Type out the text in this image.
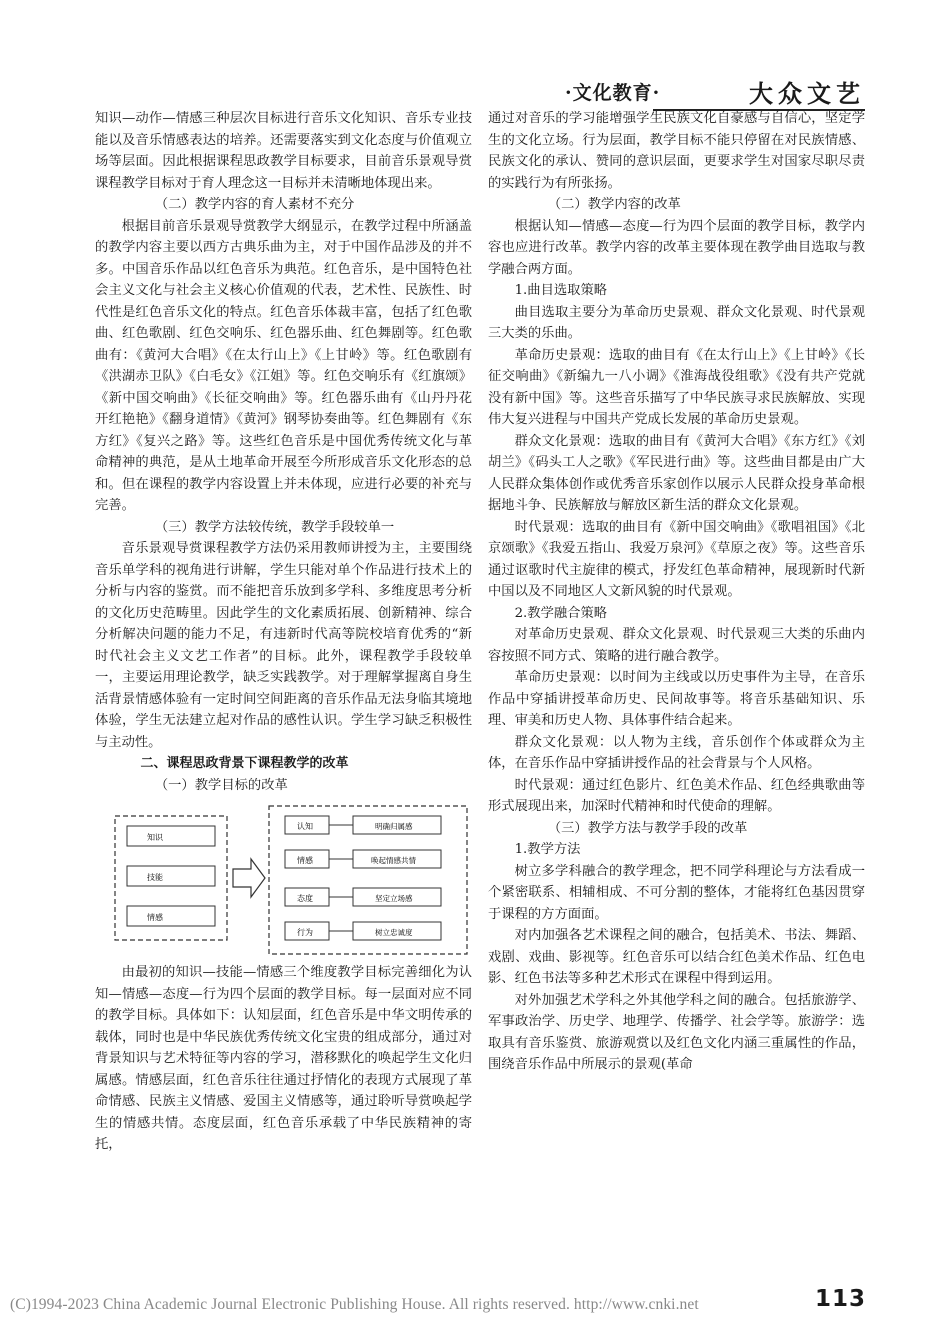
·文化教育·	大众文艺

知识—动作—情感三种层次目标进行音乐文化知识、音乐专业技能以及音乐情感表达的培养。还需要落实到文化态度与价值观立场等层面。因此根据课程思政教学目标要求，目前音乐景观导赏课程教学目标对于育人理念这一目标并未清晰地体现出来。

（二）教学内容的育人素材不充分

根据目前音乐景观导赏教学大纲显示，在教学过程中所涵盖的教学内容主要以西方古典乐曲为主，对于中国作品涉及的并不多。中国音乐作品以红色音乐为典范。红色音乐，是中国特色社会主义文化与社会主义核心价值观的代表，艺术性、民族性、时代性是红色音乐文化的特点。红色音乐体裁丰富，包括了红色歌曲、红色歌剧、红色交响乐、红色器乐曲、红色舞剧等。红色歌曲有：《黄河大合唱》《在太行山上》《上甘岭》等。红色歌剧有《洪湖赤卫队》《白毛女》《江姐》等。红色交响乐有《红旗颂》《新中国交响曲》《长征交响曲》等。红色器乐曲有《山丹丹花开红艳艳》《翻身道情》《黄河》钢琴协奏曲等。红色舞剧有《东方红》《复兴之路》等。这些红色音乐是中国优秀传统文化与革命精神的典范，是从土地革命开展至今所形成音乐文化形态的总和。但在课程的教学内容设置上并未体现，应进行必要的补充与完善。

（三）教学方法较传统，教学手段较单一

音乐景观导赏课程教学方法仍采用教师讲授为主，主要围绕音乐单学科的视角进行讲解，学生只能对单个作品进行技术上的分析与内容的鉴赏。而不能把音乐放到多学科、多维度思考分析的文化历史范畴里。因此学生的文化素质拓展、创新精神、综合分析解决问题的能力不足，有违新时代高等院校培育优秀的“新时代社会主义文艺工作者”的目标。此外，课程教学手段较单一，主要运用理论教学，缺乏实践教学。对于理解掌握离自身生活背景情感体验有一定时间空间距离的音乐作品无法身临其境地体验，学生无法建立起对作品的感性认识。学生学习缺乏积极性与主动性。

二、课程思政背景下课程教学的改革

（一）教学目标的改革

知识
技能
情感
认知	明确归属感
情感	唤起情感共情
态度	坚定立场感
行为	树立忠诚度

由最初的知识—技能—情感三个维度教学目标完善细化为认知—情感—态度—行为四个层面的教学目标。每一层面对应不同的教学目标。具体如下：认知层面，红色音乐是中华文明传承的载体，同时也是中华民族优秀传统文化宝贵的组成部分，通过对背景知识与艺术特征等内容的学习，潜移默化的唤起学生文化归属感。情感层面，红色音乐往往通过抒情化的表现方式展现了革命情感、民族主义情感、爱国主义情感等，通过聆听导赏唤起学生的情感共情。态度层面，红色音乐承载了中华民族精神的寄托，

通过对音乐的学习能增强学生民族文化自豪感与自信心，坚定学生的文化立场。行为层面，教学目标不能只停留在对民族情感、民族文化的承认、赞同的意识层面，更要求学生对国家尽职尽责的实践行为有所张扬。

（二）教学内容的改革

根据认知—情感—态度—行为四个层面的教学目标，教学内容也应进行改革。教学内容的改革主要体现在教学曲目选取与教学融合两方面。

1.曲目选取策略

曲目选取主要分为革命历史景观、群众文化景观、时代景观三大类的乐曲。

革命历史景观：选取的曲目有《在太行山上》《上甘岭》《长征交响曲》《新编九一八小调》《淮海战役组歌》《没有共产党就没有新中国》等。这些音乐描写了中华民族寻求民族解放、实现伟大复兴进程与中国共产党成长发展的革命历史景观。

群众文化景观：选取的曲目有《黄河大合唱》《东方红》《刘胡兰》《码头工人之歌》《军民进行曲》等。这些曲目都是由广大人民群众集体创作或优秀音乐家创作以展示人民群众投身革命根据地斗争、民族解放与解放区新生活的群众文化景观。

时代景观：选取的曲目有《新中国交响曲》《歌唱祖国》《北京颂歌》《我爱五指山、我爱万泉河》《草原之夜》等。这些音乐通过讴歌时代主旋律的模式，抒发红色革命精神，展现新时代新中国以及不同地区人文新风貌的时代景观。

2.教学融合策略

对革命历史景观、群众文化景观、时代景观三大类的乐曲内容按照不同方式、策略的进行融合教学。

革命历史景观：以时间为主线或以历史事件为主导，在音乐作品中穿插讲授革命历史、民间故事等。将音乐基础知识、乐理、审美和历史人物、具体事件结合起来。

群众文化景观：以人物为主线，音乐创作个体或群众为主体，在音乐作品中穿插讲授作品的社会背景与个人风格。

时代景观：通过红色影片、红色美术作品、红色经典歌曲等形式展现出来，加深时代精神和时代使命的理解。

（三）教学方法与教学手段的改革

1.教学方法

树立多学科融合的教学理念，把不同学科理论与方法看成一个紧密联系、相辅相成、不可分割的整体，才能将红色基因贯穿于课程的方方面面。

对内加强各艺术课程之间的融合，包括美术、书法、舞蹈、戏剧、戏曲、影视等。红色音乐可以结合红色美术作品、红色电影、红色书法等多种艺术形式在课程中得到运用。

对外加强艺术学科之外其他学科之间的融合。包括旅游学、军事政治学、历史学、地理学、传播学、社会学等。旅游学：选取具有音乐鉴赏、旅游观赏以及红色文化内涵三重属性的作品，围绕音乐作品中所展示的景观(革命

113
(C)1994-2023 China Academic Journal Electronic Publishing House. All rights reserved. http://www.cnki.net
